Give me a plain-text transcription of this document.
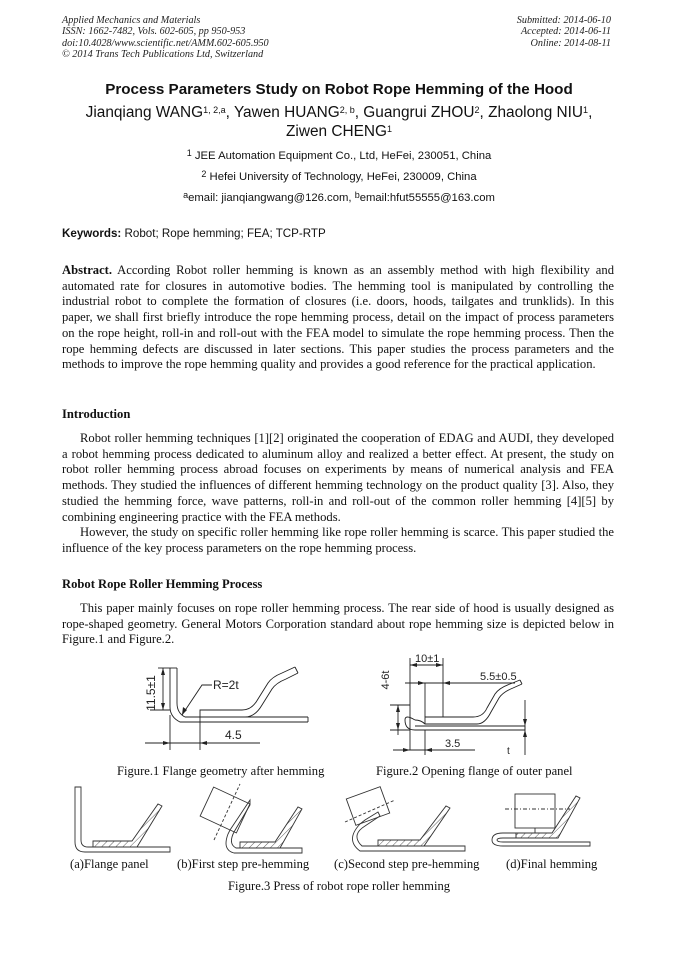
Applied Mechanics and Materials
ISSN: 1662-7482, Vols. 602-605, pp 950-953
doi:10.4028/www.scientific.net/AMM.602-605.950
© 2014 Trans Tech Publications Ltd, Switzerland
Submitted: 2014-06-10
Accepted: 2014-06-11
Online: 2014-08-11
Process Parameters Study on Robot Rope Hemming of the Hood
Jianqiang WANG$^{1, 2,a}$, Yawen HUANG$^{2, b}$, Guangrui ZHOU$^2$, Zhaolong NIU$^1$,
Ziwen CHENG$^1$
$^1$ JEE Automation Equipment Co., Ltd, HeFei, 230051, China
$^2$ Hefei University of Technology, HeFei, 230009, China
$^a$email: jianqiangwang@126.com, $^b$email:hfut55555@163.com
Keywords: Robot; Rope hemming; FEA; TCP-RTP
Abstract. According Robot roller hemming is known as an assembly method with high flexibility and automated rate for closures in automotive bodies. The hemming tool is manipulated by controlling the industrial robot to complete the formation of closures (i.e. doors, hoods, tailgates and trunklids). In this paper, we shall first briefly introduce the rope hemming process, detail on the impact of process parameters on the rope height, roll-in and roll-out with the FEA model to simulate the rope hemming process. Then the rope hemming defects are discussed in later sections. This paper studies the process parameters and the methods to improve the rope hemming quality and provides a good reference for the practical application.
Introduction
Robot roller hemming techniques [1][2] originated the cooperation of EDAG and AUDI, they developed a robot hemming process dedicated to aluminum alloy and realized a better effect. At present, the study on robot roller hemming process abroad focuses on experiments by means of numerical analysis and FEA methods. They studied the influences of different hemming technology on the product quality [3]. Also, they studied the hemming force, wave patterns, roll-in and roll-out of the common roller hemming [4][5] by combining engineering practice with the FEA methods.
However, the study on specific roller hemming like rope roller hemming is scarce. This paper studied the influence of the key process parameters on the rope hemming process.
Robot Rope Roller Hemming Process
This paper mainly focuses on rope roller hemming process. The rear side of hood is usually designed as rope-shaped geometry. General Motors Corporation standard about rope hemming size is depicted below in Figure.1 and Figure.2.
11.5±1	R=2t
4.5
Figure.1 Flange geometry after hemming
10±1
5.5±0.5
4-6t
3.5
t
Figure.2 Opening flange of outer panel
(a)Flange panel (b)First step pre-hemming (c)Second step pre-hemming (d)Final hemming
Figure.3 Press of robot rope roller hemming
